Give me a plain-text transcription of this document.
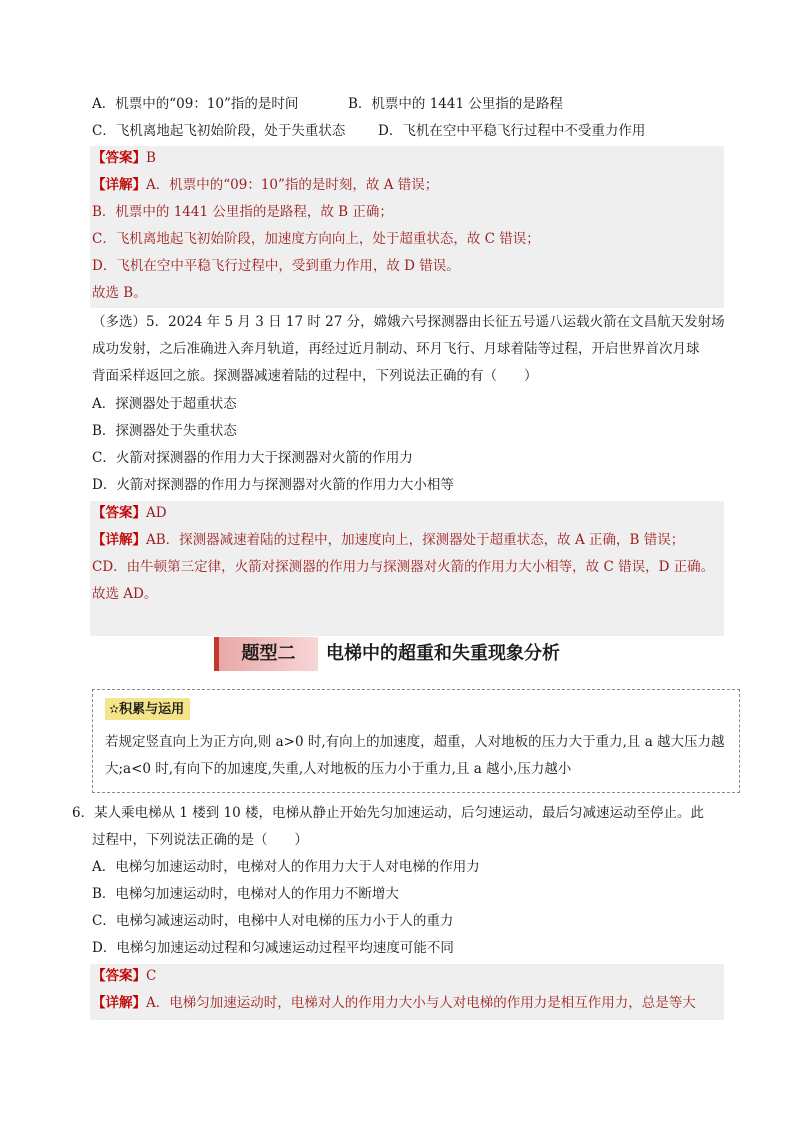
A．机票中的“09：10”指的是时间	B．机票中的 1441 公里指的是路程
C．飞机离地起飞初始阶段，处于失重状态 D．飞机在空中平稳飞行过程中不受重力作用
【答案】B
【详解】A．机票中的“09：10”指的是时刻，故 A 错误；
B．机票中的 1441 公里指的是路程，故 B 正确；
C．飞机离地起飞初始阶段，加速度方向向上，处于超重状态，故 C 错误；
D．飞机在空中平稳飞行过程中，受到重力作用，故 D 错误。
故选 B。
（多选）5．2024 年 5 月 3 日 17 时 27 分，嫦娥六号探测器由长征五号遥八运载火箭在文昌航天发射场
成功发射，之后准确进入奔月轨道，再经过近月制动、环月飞行、月球着陆等过程，开启世界首次月球
背面采样返回之旅。探测器减速着陆的过程中，下列说法正确的有（　　）
A．探测器处于超重状态
B．探测器处于失重状态
C．火箭对探测器的作用力大于探测器对火箭的作用力
D．火箭对探测器的作用力与探测器对火箭的作用力大小相等
【答案】AD
【详解】AB．探测器减速着陆的过程中，加速度向上，探测器处于超重状态，故 A 正确，B 错误；
CD．由牛顿第三定律，火箭对探测器的作用力与探测器对火箭的作用力大小相等，故 C 错误，D 正确。
故选 AD。
题型二	电梯中的超重和失重现象分析
✫积累与运用
若规定竖直向上为正方向,则 a>0 时,有向上的加速度，超重，人对地板的压力大于重力,且 a 越大压力越
大;a<0 时,有向下的加速度,失重,人对地板的压力小于重力,且 a 越小,压力越小
6．某人乘电梯从 1 楼到 10 楼，电梯从静止开始先匀加速运动，后匀速运动，最后匀减速运动至停止。此
过程中，下列说法正确的是（　　）
A．电梯匀加速运动时，电梯对人的作用力大于人对电梯的作用力
B．电梯匀加速运动时，电梯对人的作用力不断增大
C．电梯匀减速运动时，电梯中人对电梯的压力小于人的重力
D．电梯匀加速运动过程和匀减速运动过程平均速度可能不同
【答案】C
【详解】A．电梯匀加速运动时，电梯对人的作用力大小与人对电梯的作用力是相互作用力，总是等大
